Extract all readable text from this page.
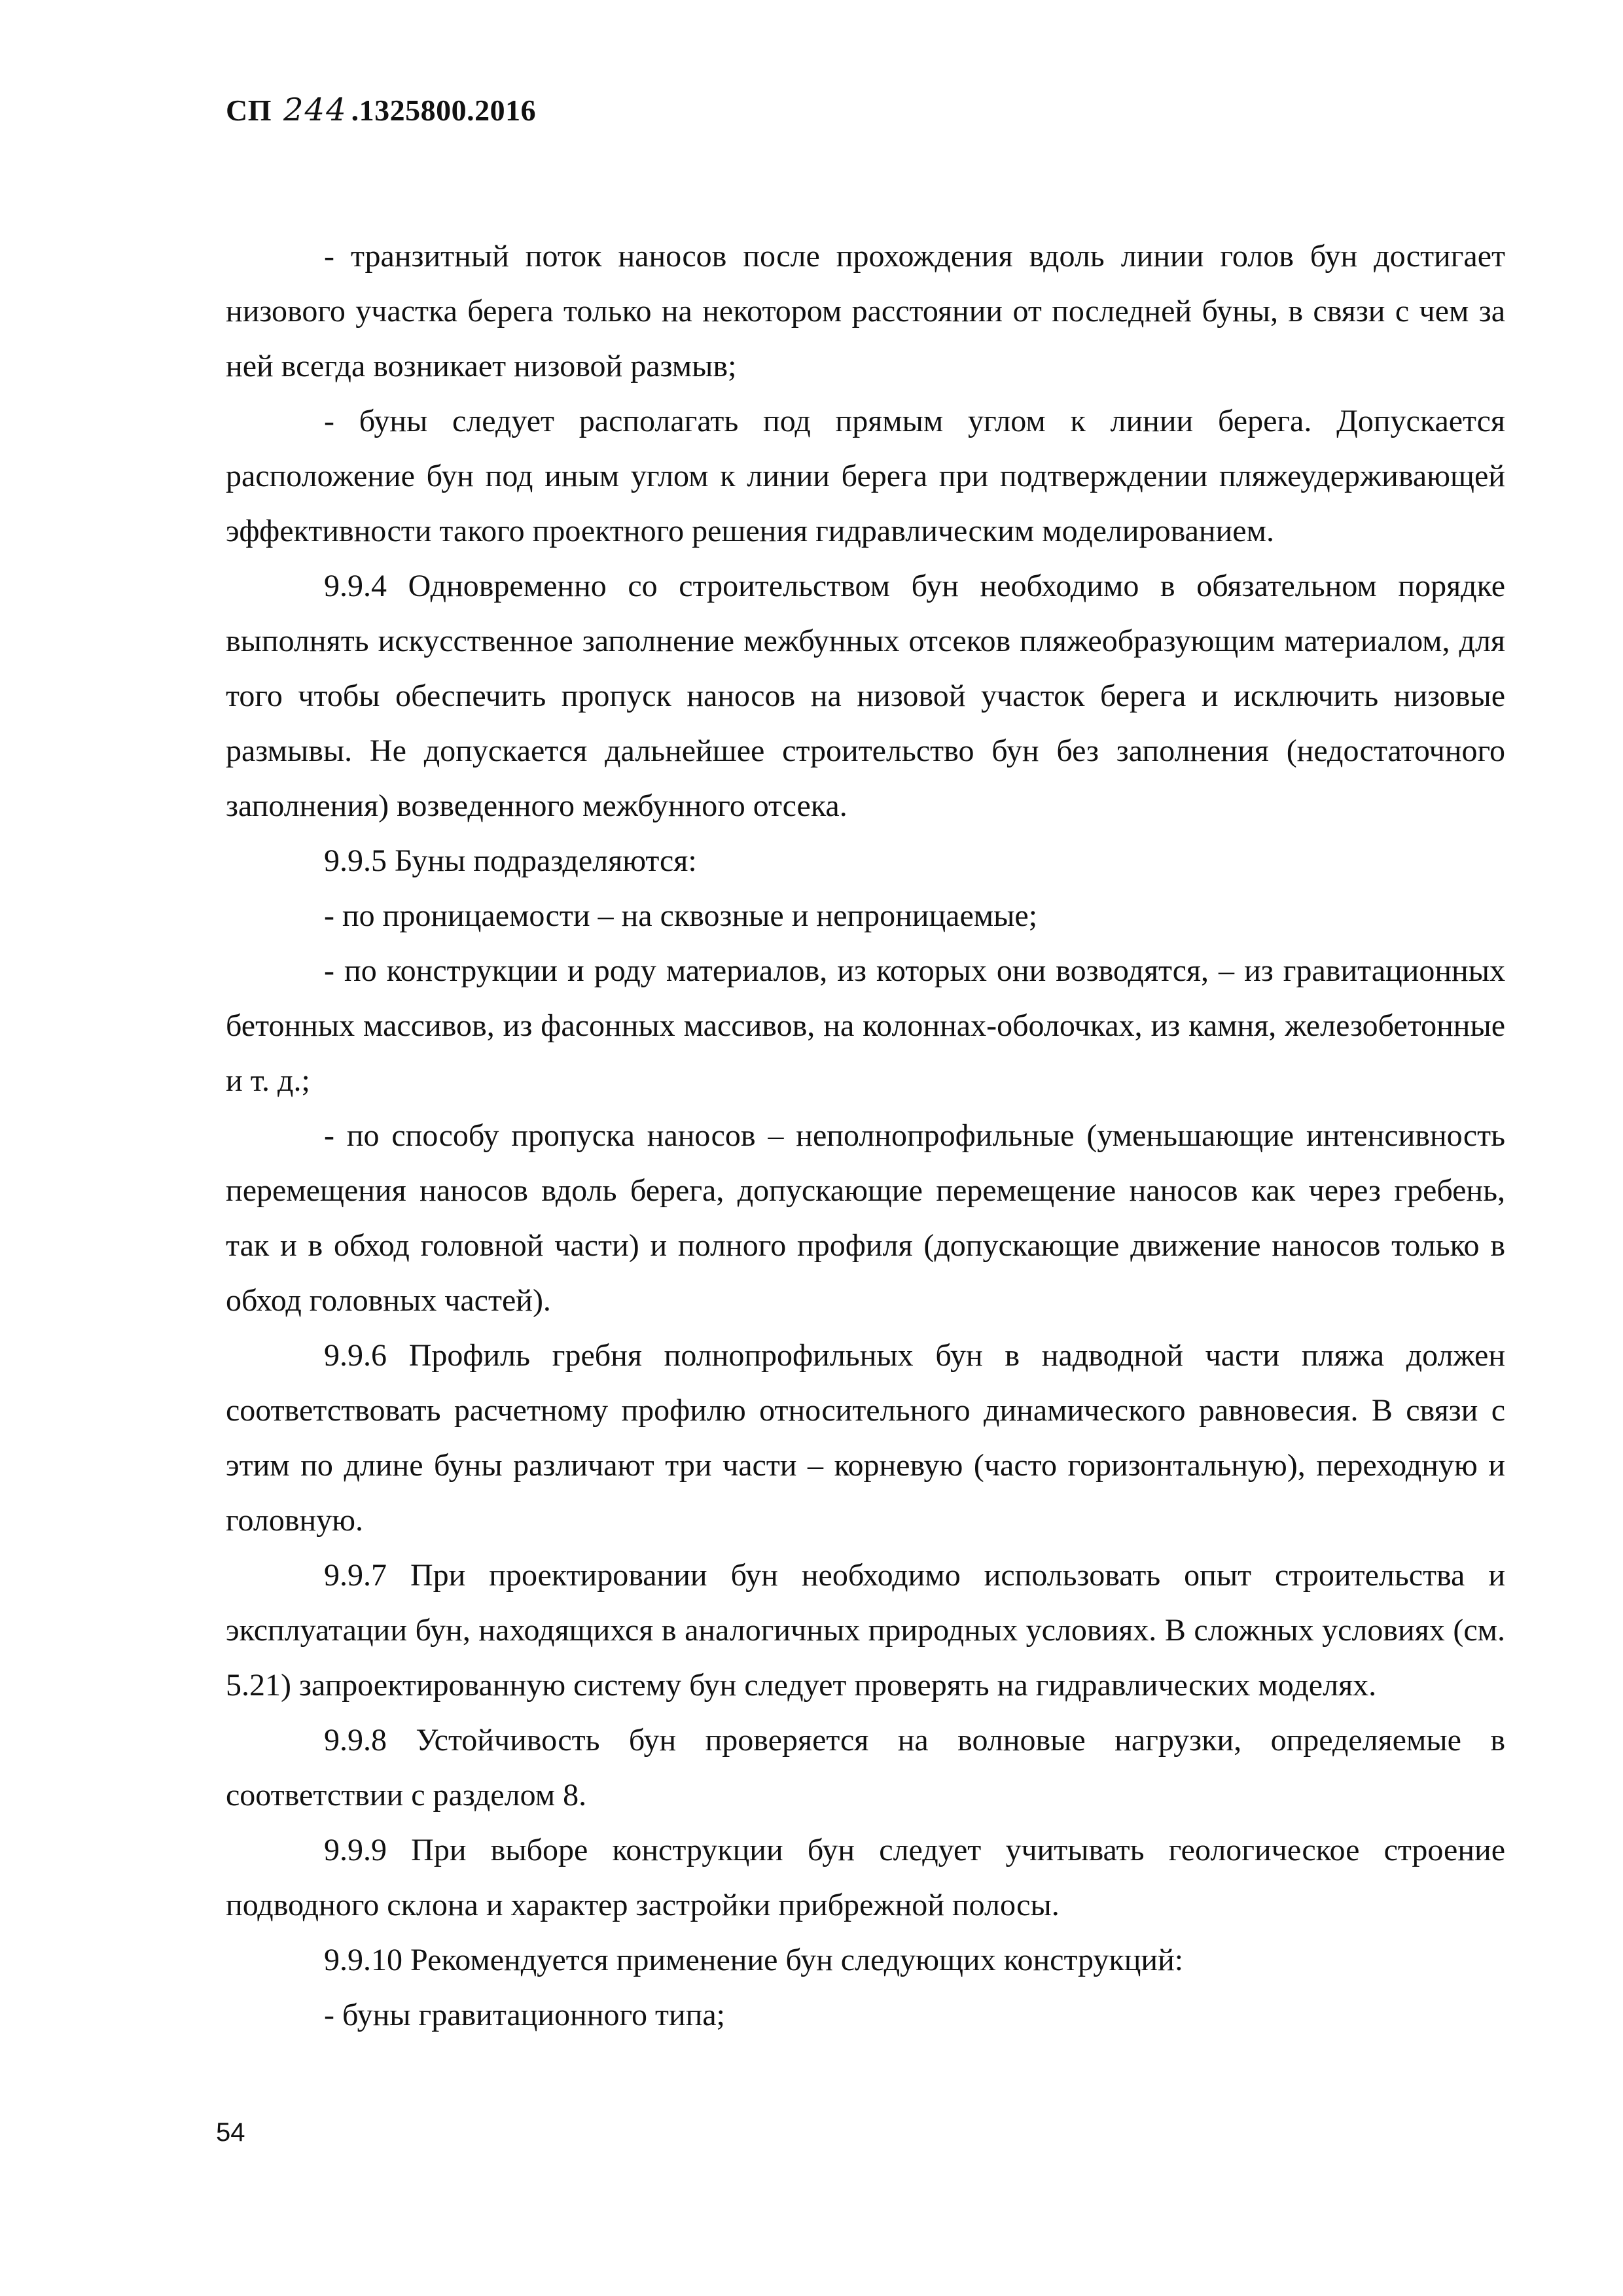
СП 244 .1325800.2016

- транзитный поток наносов после прохождения вдоль линии голов бун достигает низового участка берега только на некотором расстоянии от последней буны, в связи с чем за ней всегда возникает низовой размыв;

- буны следует располагать под прямым углом к линии берега. Допускается расположение бун под иным углом к линии берега при подтверждении пляжеудерживающей эффективности такого проектного решения гидравлическим моделированием.

9.9.4 Одновременно со строительством бун необходимо в обязательном порядке выполнять искусственное заполнение межбунных отсеков пляжеобразующим материалом, для того чтобы обеспечить пропуск наносов на низовой участок берега и исключить низовые размывы. Не допускается дальнейшее строительство бун без заполнения (недостаточного заполнения) возведенного межбунного отсека.

9.9.5 Буны подразделяются:

- по проницаемости – на сквозные и непроницаемые;

- по конструкции и роду материалов, из которых они возводятся, – из гравитационных бетонных массивов, из фасонных массивов, на колоннах-оболочках, из камня, железобетонные и т. д.;

- по способу пропуска наносов – неполнопрофильные (уменьшающие интенсивность перемещения наносов вдоль берега, допускающие перемещение наносов как через гребень, так и в обход головной части) и полного профиля (допускающие движение наносов только в обход головных частей).

9.9.6 Профиль гребня полнопрофильных бун в надводной части пляжа должен соответствовать расчетному профилю относительного динамического равновесия. В связи с этим по длине буны различают три части – корневую (часто горизонтальную), переходную и головную.

9.9.7 При проектировании бун необходимо использовать опыт строительства и эксплуатации бун, находящихся в аналогичных природных условиях. В сложных условиях (см. 5.21) запроектированную систему бун следует проверять на гидравлических моделях.

9.9.8 Устойчивость бун проверяется на волновые нагрузки, определяемые в соответствии с разделом 8.

9.9.9 При выборе конструкции бун следует учитывать геологическое строение подводного склона и характер застройки прибрежной полосы.

9.9.10 Рекомендуется применение бун следующих конструкций:

- буны гравитационного типа;

54
